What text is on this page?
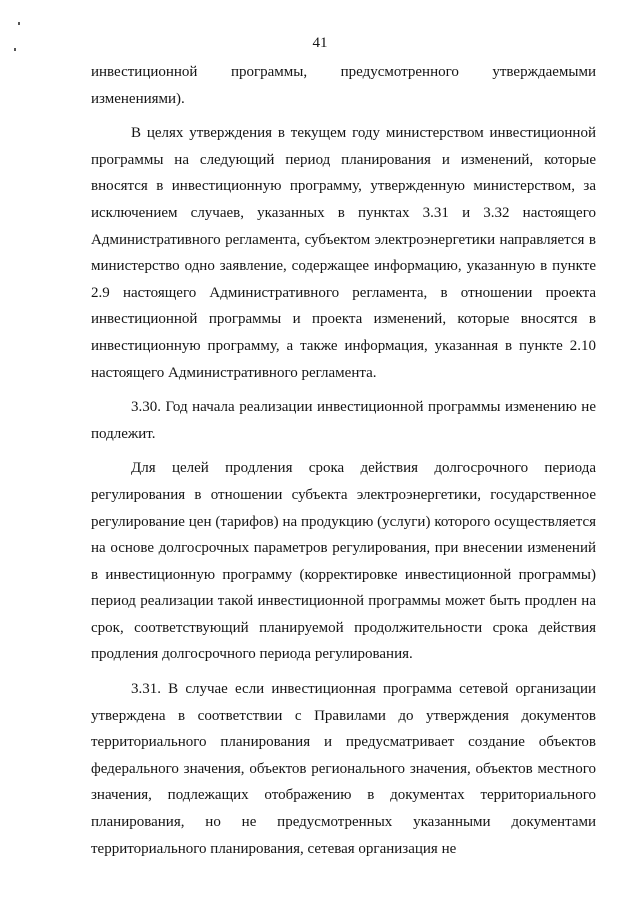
41

инвестиционной программы, предусмотренного утверждаемыми изменениями).

В целях утверждения в текущем году министерством инвестиционной программы на следующий период планирования и изменений, которые вносятся в инвестиционную программу, утвержденную министерством, за исключением случаев, указанных в пунктах 3.31 и 3.32 настоящего Административного регламента, субъектом электроэнергетики направляется в министерство одно заявление, содержащее информацию, указанную в пункте 2.9 настоящего Административного регламента, в отношении проекта инвестиционной программы и проекта изменений, которые вносятся в инвестиционную программу, а также информация, указанная в пункте 2.10 настоящего Административного регламента.

3.30. Год начала реализации инвестиционной программы изменению не подлежит.

Для целей продления срока действия долгосрочного периода регулирования в отношении субъекта электроэнергетики, государственное регулирование цен (тарифов) на продукцию (услуги) которого осуществляется на основе долгосрочных параметров регулирования, при внесении изменений в инвестиционную программу (корректировке инвестиционной программы) период реализации такой инвестиционной программы может быть продлен на срок, соответствующий планируемой продолжительности срока действия продления долгосрочного периода регулирования.

3.31. В случае если инвестиционная программа сетевой организации утверждена в соответствии с Правилами до утверждения документов территориального планирования и предусматривает создание объектов федерального значения, объектов регионального значения, объектов местного значения, подлежащих отображению в документах территориального планирования, но не предусмотренных указанными документами территориального планирования, сетевая организация не
